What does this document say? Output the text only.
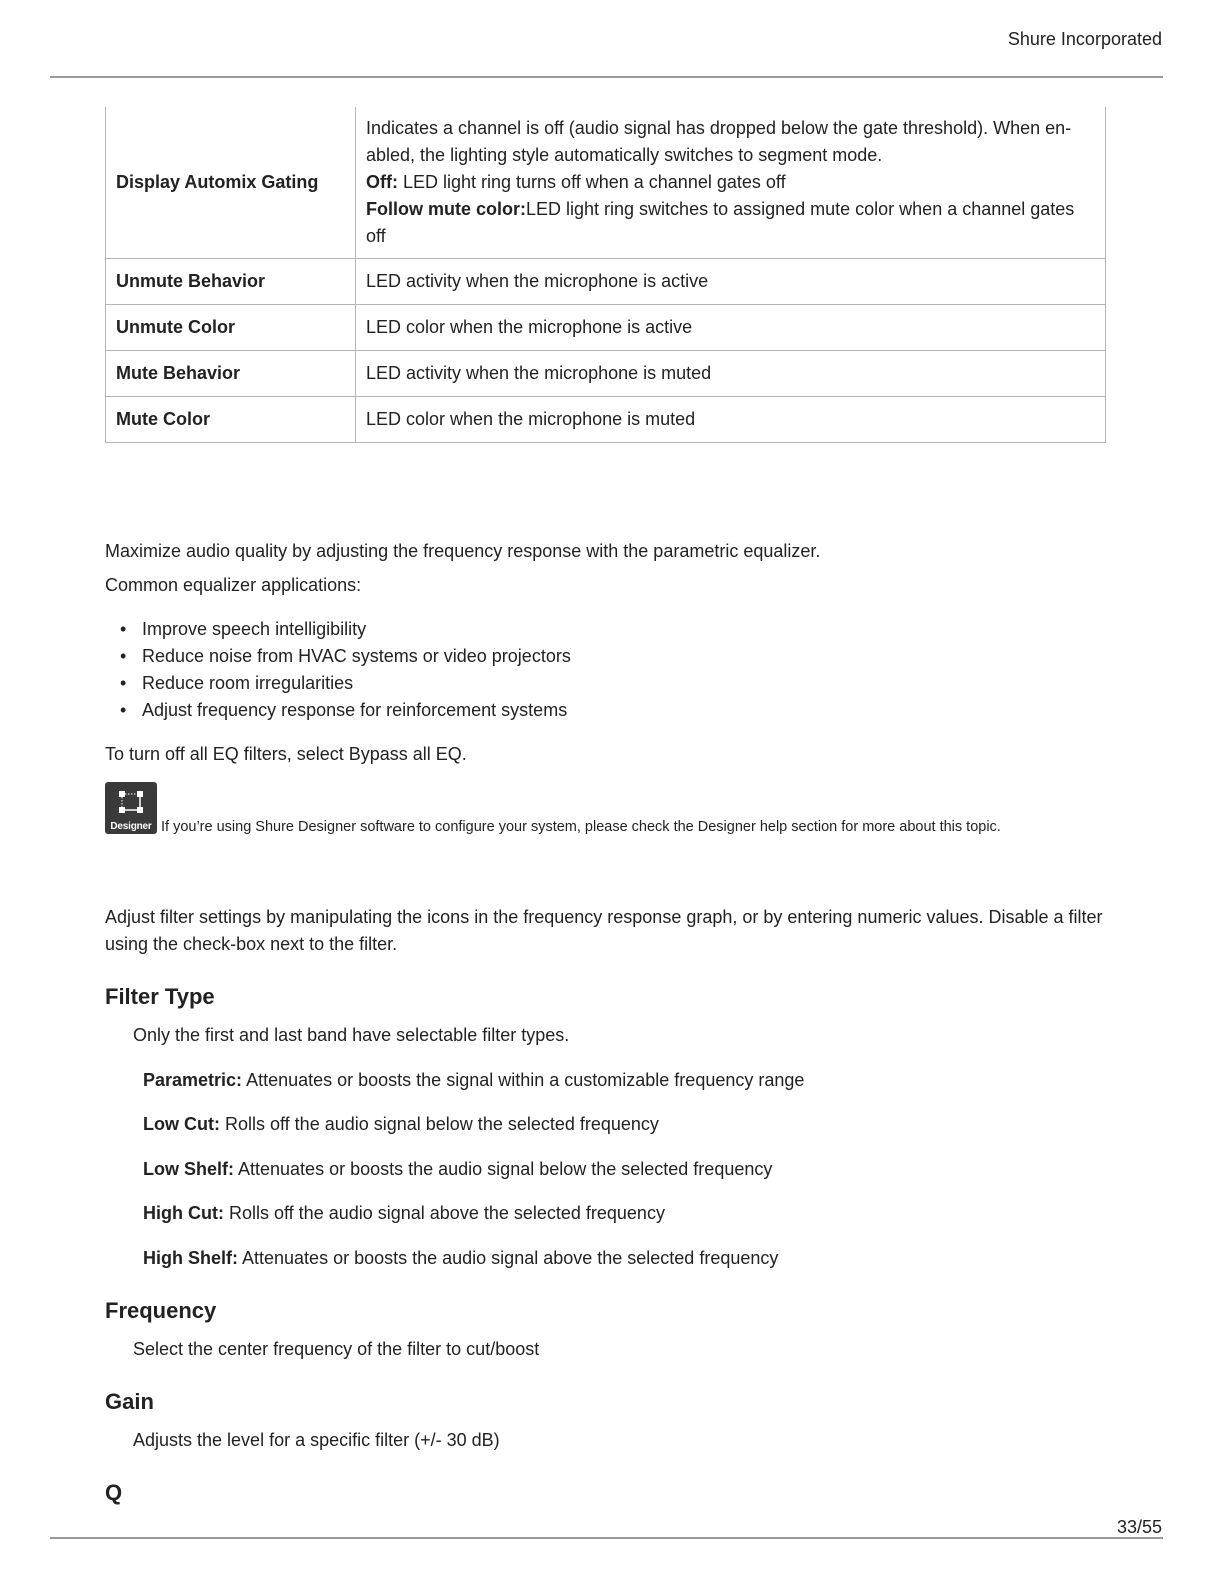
Shure Incorporated
Display Automix Gating	Indicates a channel is off (audio signal has dropped below the gate threshold). When en-
abled, the lighting style automatically switches to segment mode.
Off: LED light ring turns off when a channel gates off
Follow mute color:LED light ring switches to assigned mute color when a channel gates off

Unmute Behavior	LED activity when the microphone is active
Unmute Color	LED color when the microphone is active
Mute Behavior	LED activity when the microphone is muted
Mute Color	LED color when the microphone is muted

Maximize audio quality by adjusting the frequency response with the parametric equalizer.

Common equalizer applications:

• Improve speech intelligibility
• Reduce noise from HVAC systems or video projectors
• Reduce room irregularities
• Adjust frequency response for reinforcement systems

To turn off all EQ filters, select Bypass all EQ.

Designer If you’re using Shure Designer software to configure your system, please check the Designer help section for more about this topic.

Adjust filter settings by manipulating the icons in the frequency response graph, or by entering numeric values. Disable a filter
using the check-box next to the filter.

Filter Type

Only the first and last band have selectable filter types.

Parametric: Attenuates or boosts the signal within a customizable frequency range

Low Cut: Rolls off the audio signal below the selected frequency

Low Shelf: Attenuates or boosts the audio signal below the selected frequency

High Cut: Rolls off the audio signal above the selected frequency

High Shelf: Attenuates or boosts the audio signal above the selected frequency

Frequency

Select the center frequency of the filter to cut/boost

Gain

Adjusts the level for a specific filter (+/- 30 dB)

Q
33/55
